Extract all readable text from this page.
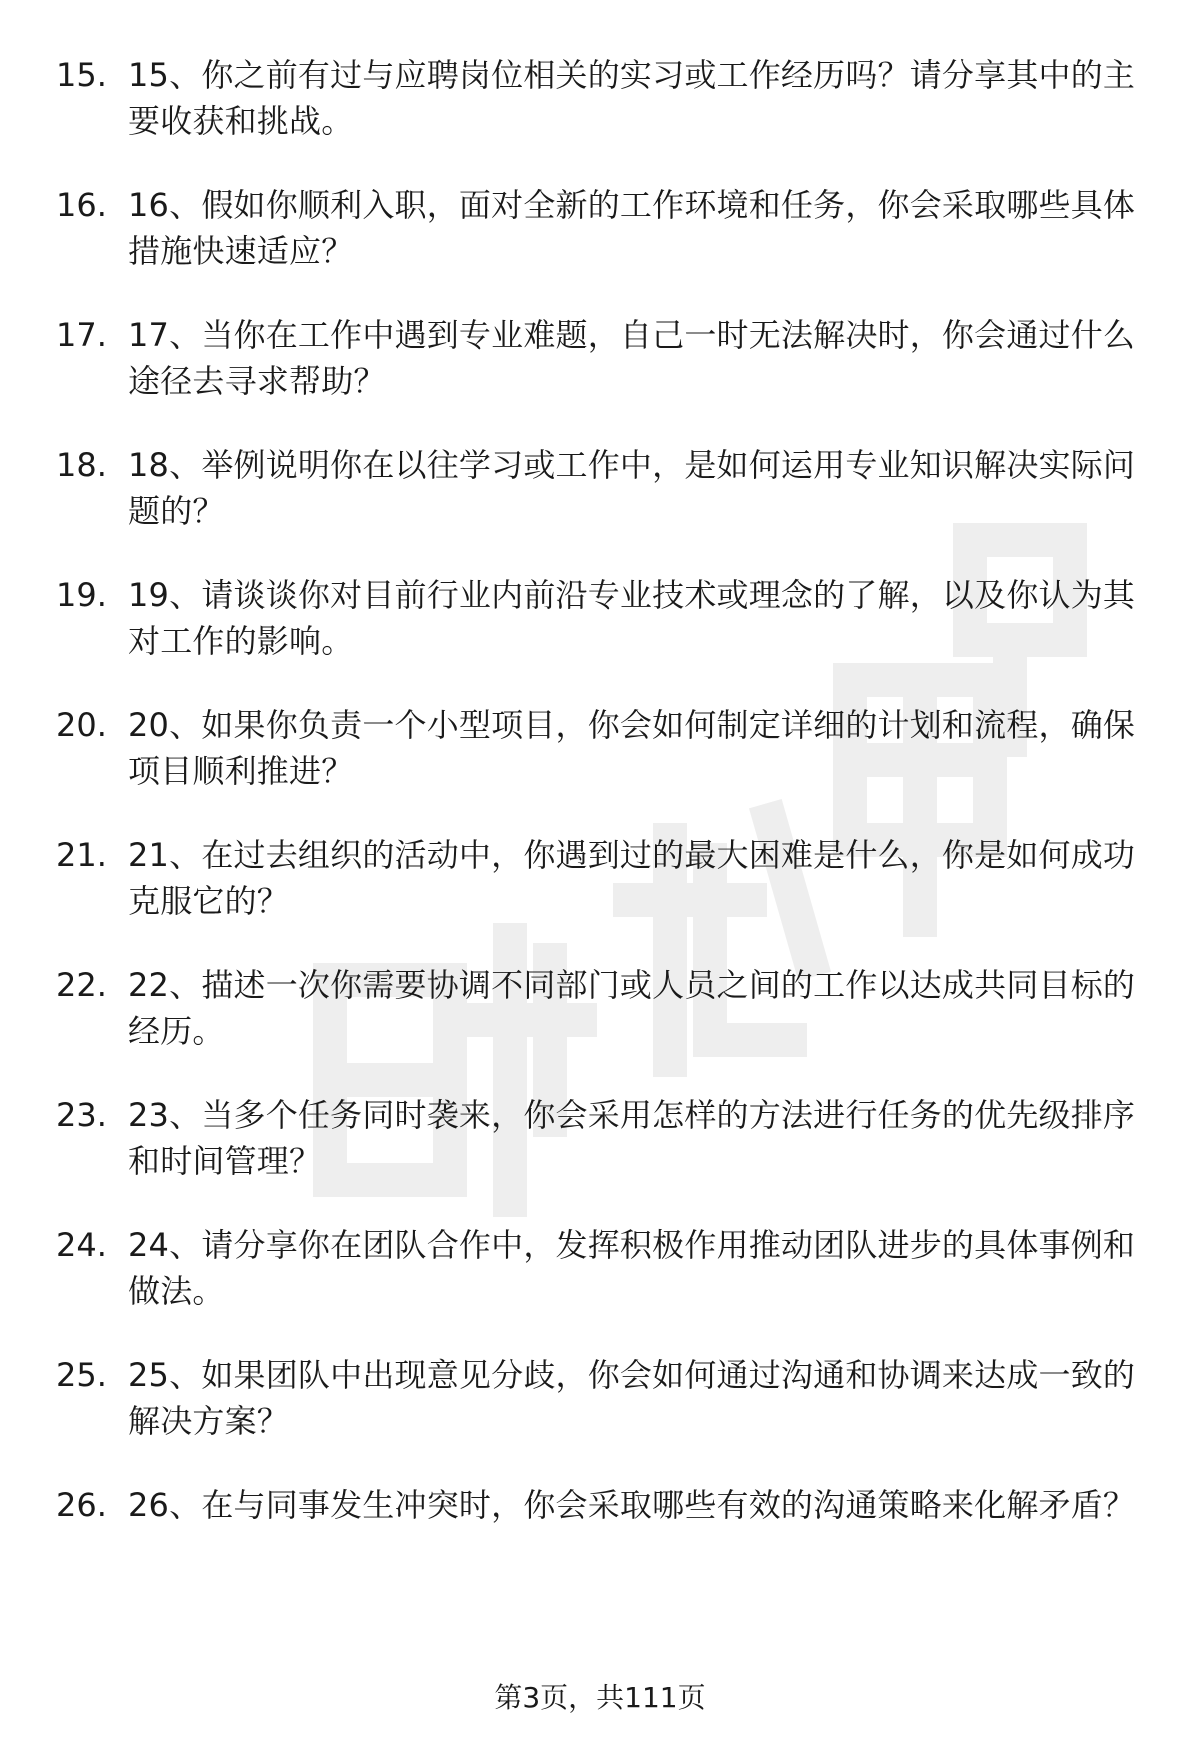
15. 15、你之前有过与应聘岗位相关的实习或工作经历吗？请分享其中的主要收获和挑战。
16. 16、假如你顺利入职，面对全新的工作环境和任务，你会采取哪些具体措施快速适应？
17. 17、当你在工作中遇到专业难题，自己一时无法解决时，你会通过什么途径去寻求帮助？
18. 18、举例说明你在以往学习或工作中，是如何运用专业知识解决实际问题的？
19. 19、请谈谈你对目前行业内前沿专业技术或理念的了解，以及你认为其对工作的影响。
20. 20、如果你负责一个小型项目，你会如何制定详细的计划和流程，确保项目顺利推进？
21. 21、在过去组织的活动中，你遇到过的最大困难是什么，你是如何成功克服它的？
22. 22、描述一次你需要协调不同部门或人员之间的工作以达成共同目标的经历。
23. 23、当多个任务同时袭来，你会采用怎样的方法进行任务的优先级排序和时间管理？
24. 24、请分享你在团队合作中，发挥积极作用推动团队进步的具体事例和做法。
25. 25、如果团队中出现意见分歧，你会如何通过沟通和协调来达成一致的解决方案？
26. 26、在与同事发生冲突时，你会采取哪些有效的沟通策略来化解矛盾？
第3页，共111页
